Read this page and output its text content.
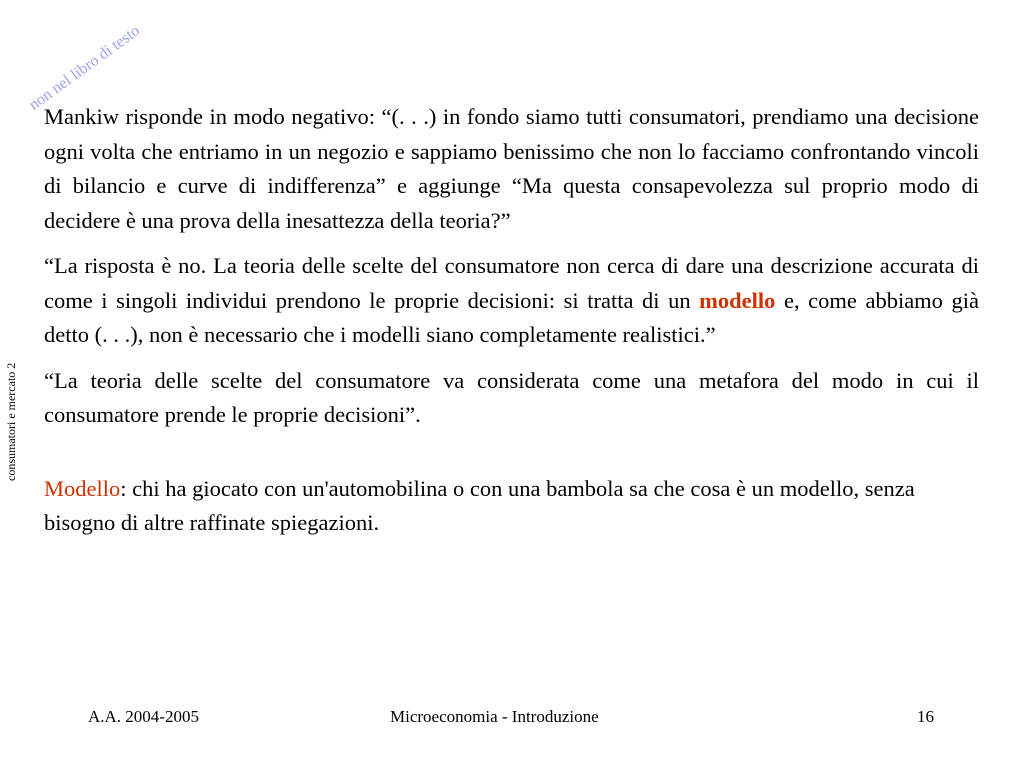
non nel libro di testo
consumatori e mercato 2

Mankiw risponde in modo negativo: “(. . .) in fondo siamo tutti consumatori, prendiamo una decisione ogni volta che entriamo in un negozio e sappiamo benissimo che non lo facciamo confrontando vincoli di bilancio e curve di indifferenza” e aggiunge “Ma questa consapevolezza sul proprio modo di decidere è una prova della inesattezza della teoria?”

“La risposta è no. La teoria delle scelte del consumatore non cerca di dare una descrizione accurata di come i singoli individui prendono le proprie decisioni: si tratta di un modello e, come abbiamo già detto (. . .), non è necessario che i modelli siano completamente realistici.”

“La teoria delle scelte del consumatore va considerata come una metafora del modo in cui il consumatore prende le proprie decisioni”.

Modello: chi ha giocato con un'automobilina o con una bambola sa che cosa è un modello, senza bisogno di altre raffinate spiegazioni.

A.A. 2004-2005	Microeconomia - Introduzione	16
